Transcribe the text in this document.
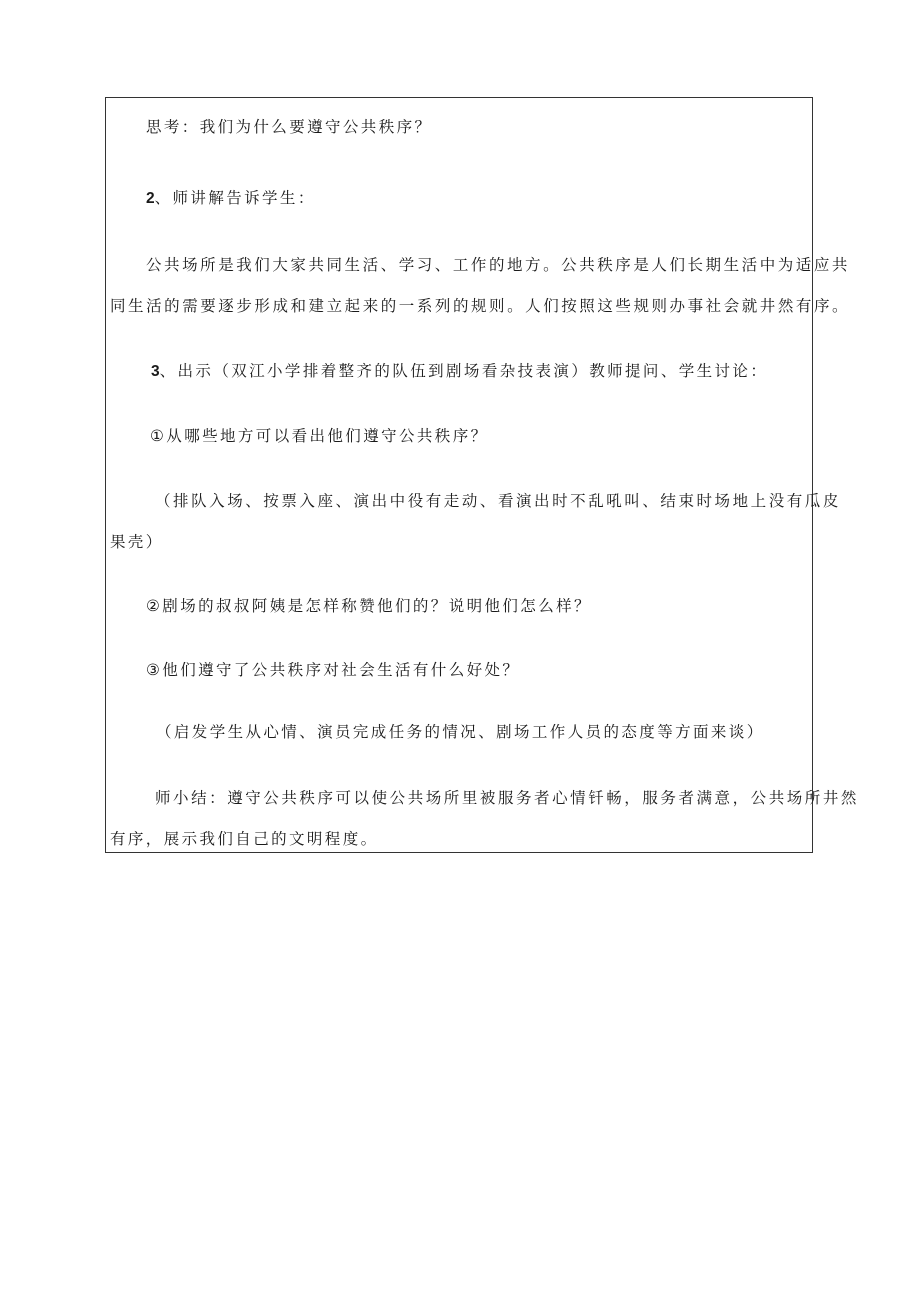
思考：我们为什么要遵守公共秩序？
2、师讲解告诉学生：
公共场所是我们大家共同生活、学习、工作的地方。公共秩序是人们长期生活中为适应共
同生活的需要逐步形成和建立起来的一系列的规则。人们按照这些规则办事社会就井然有序。
3、出示（双江小学排着整齐的队伍到剧场看杂技表演）教师提问、学生讨论：
①从哪些地方可以看出他们遵守公共秩序？
（排队入场、按票入座、演出中役有走动、看演出时不乱吼叫、结束时场地上没有瓜皮
果壳）
②剧场的叔叔阿姨是怎样称赞他们的？说明他们怎么样？
③他们遵守了公共秩序对社会生活有什么好处？
（启发学生从心情、演员完成任务的情况、剧场工作人员的态度等方面来谈）
师小结：遵守公共秩序可以使公共场所里被服务者心情钎畅，服务者满意，公共场所井然
有序，展示我们自己的文明程度。
